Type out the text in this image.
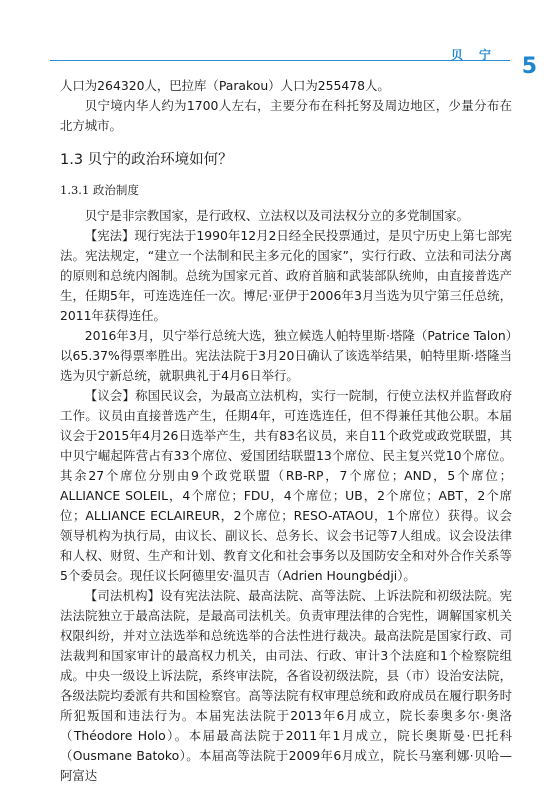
贝 宁 5

人口为264320人，巴拉库（Parakou）人口为255478人。

贝宁境内华人约为1700人左右，主要分布在科托努及周边地区，少量分布在北方城市。

1.3 贝宁的政治环境如何？
1.3.1 政治制度

贝宁是非宗教国家，是行政权、立法权以及司法权分立的多党制国家。

【宪法】现行宪法于1990年12月2日经全民投票通过，是贝宁历史上第七部宪法。宪法规定，“建立一个法制和民主多元化的国家”，实行行政、立法和司法分离的原则和总统内阁制。总统为国家元首、政府首脑和武装部队统帅，由直接普选产生，任期5年，可连选连任一次。博尼·亚伊于2006年3月当选为贝宁第三任总统，2011年获得连任。

2016年3月，贝宁举行总统大选，独立候选人帕特里斯·塔隆（Patrice Talon）以65.37%得票率胜出。宪法法院于3月20日确认了该选举结果，帕特里斯·塔隆当选为贝宁新总统，就职典礼于4月6日举行。

【议会】称国民议会，为最高立法机构，实行一院制，行使立法权并监督政府工作。议员由直接普选产生，任期4年，可连选连任，但不得兼任其他公职。本届议会于2015年4月26日选举产生，共有83名议员，来自11个政党或政党联盟，其中贝宁崛起阵营占有33个席位、爱国团结联盟13个席位、民主复兴党10个席位。其余27个席位分别由9个政党联盟（RB-RP，7个席位；AND，5个席位；ALLIANCE SOLEIL，4个席位；FDU，4个席位；UB，2个席位；ABT，2个席位；ALLIANCE ECLAIREUR，2个席位；RESO-ATAOU，1个席位）获得。议会领导机构为执行局，由议长、副议长、总务长、议会书记等7人组成。议会设法律和人权、财贸、生产和计划、教育文化和社会事务以及国防安全和对外合作关系等5个委员会。现任议长阿德里安·温贝吉（Adrien Houngbédji）。

【司法机构】设有宪法法院、最高法院、高等法院、上诉法院和初级法院。宪法法院独立于最高法院，是最高司法机关。负责审理法律的合宪性，调解国家机关权限纠纷，并对立法选举和总统选举的合法性进行裁决。最高法院是国家行政、司法裁判和国家审计的最高权力机关，由司法、行政、审计3个法庭和1个检察院组成。中央一级设上诉法院，系终审法院，各省设初级法院，县（市）设治安法院，各级法院均委派有共和国检察官。高等法院有权审理总统和政府成员在履行职务时所犯叛国和违法行为。本届宪法法院于2013年6月成立，院长泰奥多尔·奥洛（Théodore Holo）。本届最高法院于2011年1月成立，院长奥斯曼·巴托科（Ousmane Batoko）。本届高等法院于2009年6月成立，院长马塞利娜·贝哈—阿富达
